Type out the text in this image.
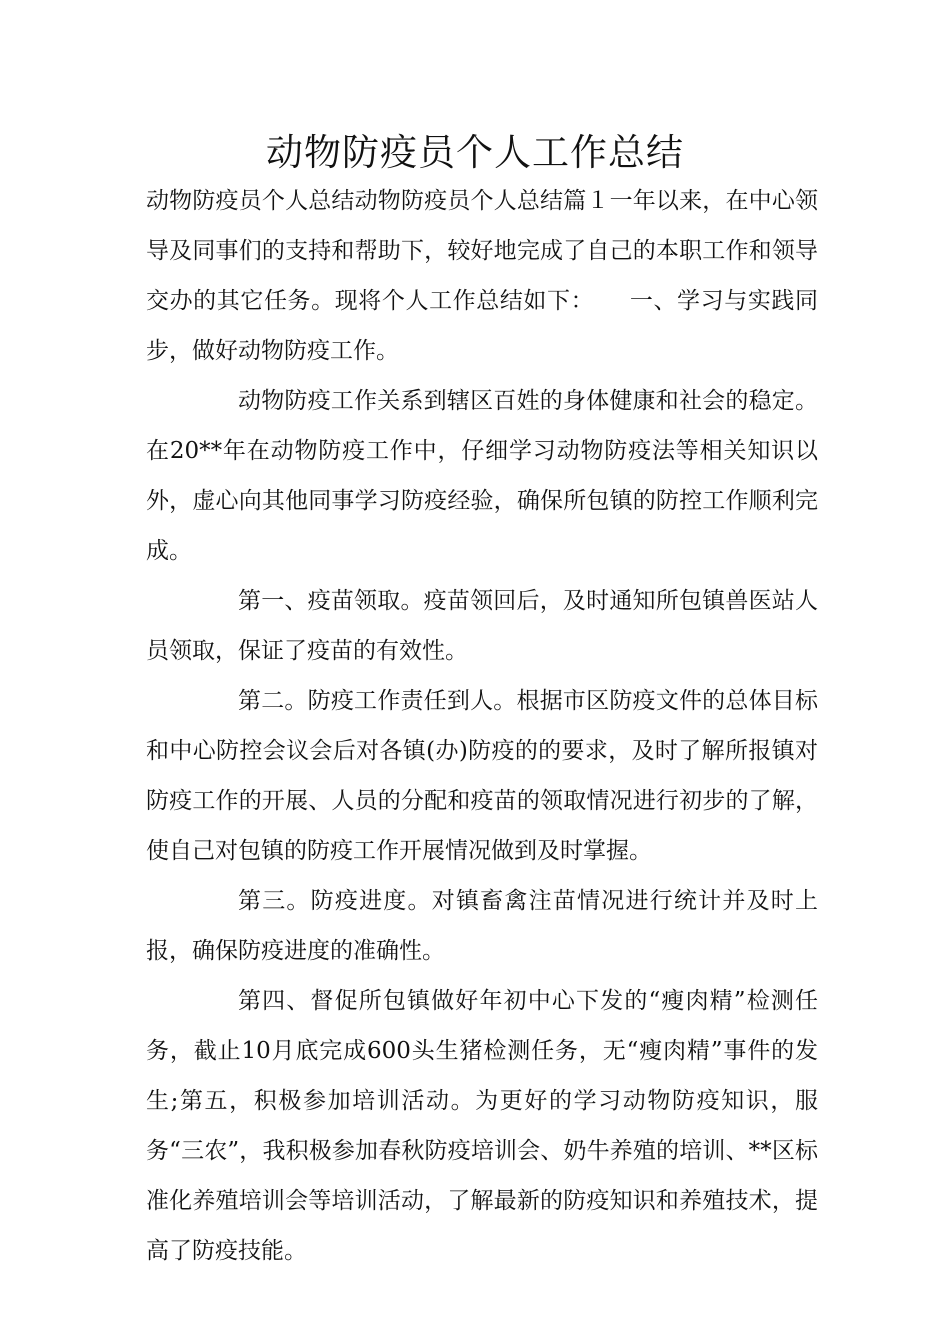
动物防疫员个人工作总结

动物防疫员个人总结动物防疫员个人总结篇１一年以来，在中心领导及同事们的支持和帮助下，较好地完成了自己的本职工作和领导交办的其它任务。现将个人工作总结如下：　　一、学习与实践同步，做好动物防疫工作。

动物防疫工作关系到辖区百姓的身体健康和社会的稳定。在20**年在动物防疫工作中，仔细学习动物防疫法等相关知识以外，虚心向其他同事学习防疫经验，确保所包镇的防控工作顺利完成。

第一、疫苗领取。疫苗领回后，及时通知所包镇兽医站人员领取，保证了疫苗的有效性。

第二。防疫工作责任到人。根据市区防疫文件的总体目标和中心防控会议会后对各镇(办)防疫的的要求，及时了解所报镇对防疫工作的开展、人员的分配和疫苗的领取情况进行初步的了解，使自己对包镇的防疫工作开展情况做到及时掌握。

第三。防疫进度。对镇畜禽注苗情况进行统计并及时上报，确保防疫进度的准确性。

第四、督促所包镇做好年初中心下发的“瘦肉精”检测任务，截止10月底完成600头生猪检测任务，无“瘦肉精”事件的发生;第五，积极参加培训活动。为更好的学习动物防疫知识，服务“三农”，我积极参加春秋防疫培训会、奶牛养殖的培训、**区标准化养殖培训会等培训活动，了解最新的防疫知识和养殖技术，提高了防疫技能。
